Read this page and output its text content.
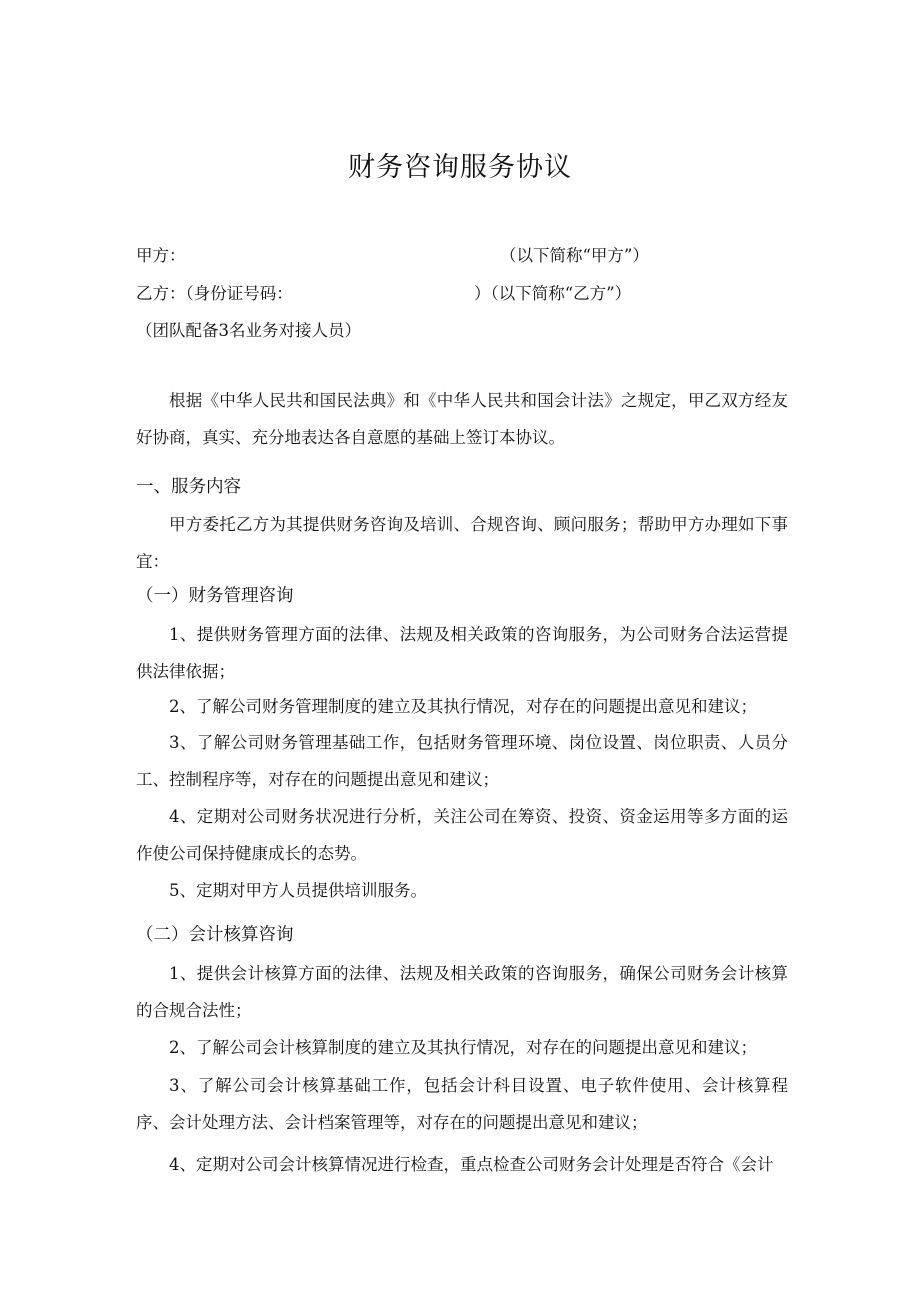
财务咨询服务协议
甲方：	（以下简称“甲方”）
乙方：（身份证号码：	）（以下简称“乙方”）
（团队配备3名业务对接人员）
根据《中华人民共和国民法典》和《中华人民共和国会计法》之规定，甲乙双方经友好协商，真实、充分地表达各自意愿的基础上签订本协议。
一、服务内容
甲方委托乙方为其提供财务咨询及培训、合规咨询、顾问服务；帮助甲方办理如下事宜：
（一）财务管理咨询
1、提供财务管理方面的法律、法规及相关政策的咨询服务，为公司财务合法运营提供法律依据；
2、了解公司财务管理制度的建立及其执行情况，对存在的问题提出意见和建议；
3、了解公司财务管理基础工作，包括财务管理环境、岗位设置、岗位职责、人员分工、控制程序等，对存在的问题提出意见和建议；
4、定期对公司财务状况进行分析，关注公司在筹资、投资、资金运用等多方面的运作使公司保持健康成长的态势。
5、定期对甲方人员提供培训服务。
（二）会计核算咨询
1、提供会计核算方面的法律、法规及相关政策的咨询服务，确保公司财务会计核算的合规合法性；
2、了解公司会计核算制度的建立及其执行情况，对存在的问题提出意见和建议；
3、了解公司会计核算基础工作，包括会计科目设置、电子软件使用、会计核算程序、会计处理方法、会计档案管理等，对存在的问题提出意见和建议；
4、定期对公司会计核算情况进行检查，重点检查公司财务会计处理是否符合《会计
